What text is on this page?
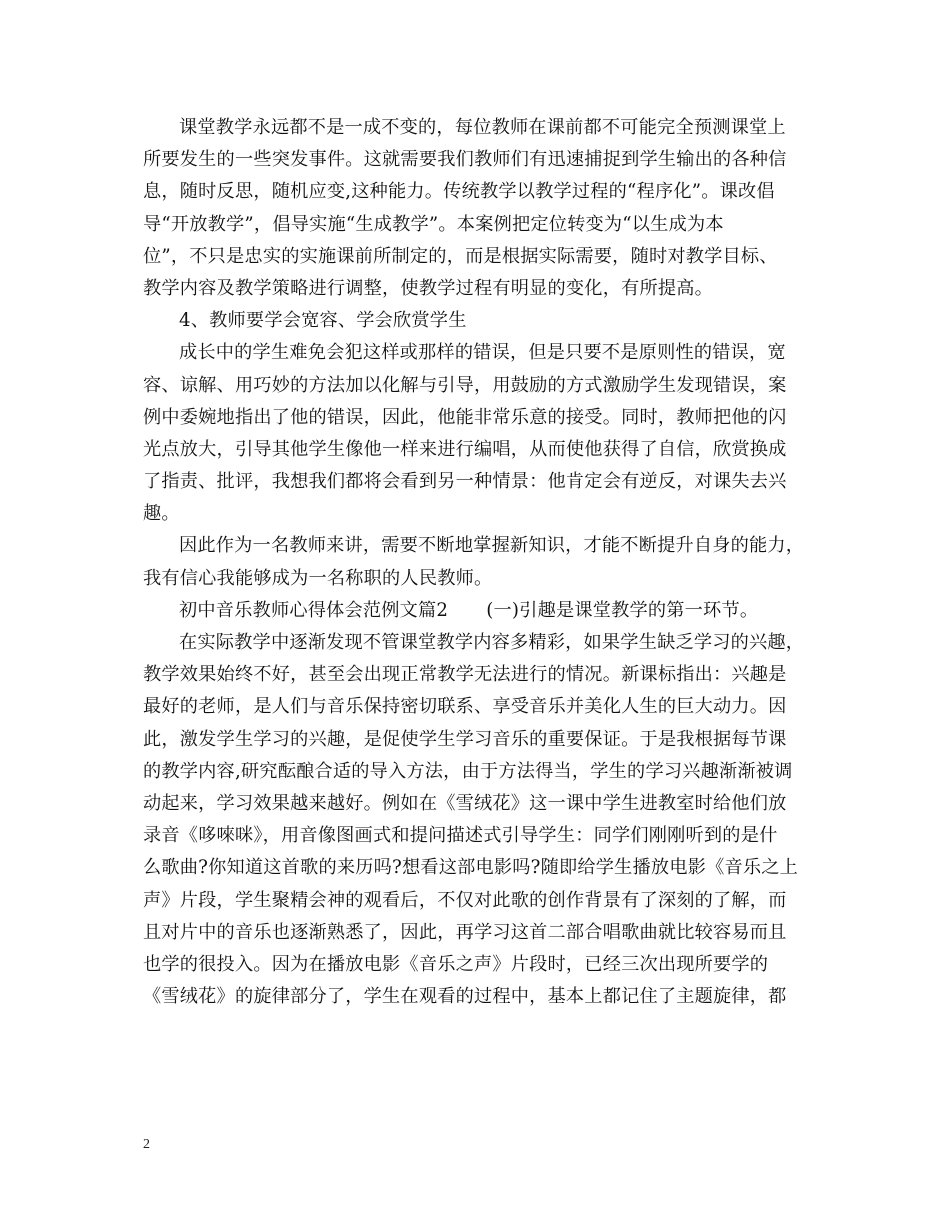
课堂教学永远都不是一成不变的，每位教师在课前都不可能完全预测课堂上
所要发生的一些突发事件。这就需要我们教师们有迅速捕捉到学生输出的各种信
息，随时反思，随机应变,这种能力。传统教学以教学过程的“程序化”。课改倡
导“开放教学”，倡导实施“生成教学”。本案例把定位转变为“以生成为本
位”，不只是忠实的实施课前所制定的，而是根据实际需要，随时对教学目标、
教学内容及教学策略进行调整，使教学过程有明显的变化，有所提高。
4、教师要学会宽容、学会欣赏学生
成长中的学生难免会犯这样或那样的错误，但是只要不是原则性的错误，宽
容、谅解、用巧妙的方法加以化解与引导，用鼓励的方式激励学生发现错误，案
例中委婉地指出了他的错误，因此，他能非常乐意的接受。同时，教师把他的闪
光点放大，引导其他学生像他一样来进行编唱，从而使他获得了自信，欣赏换成
了指责、批评，我想我们都将会看到另一种情景：他肯定会有逆反，对课失去兴
趣。
因此作为一名教师来讲，需要不断地掌握新知识，才能不断提升自身的能力，
我有信心我能够成为一名称职的人民教师。
初中音乐教师心得体会范例文篇2 (一)引趣是课堂教学的第一环节。
在实际教学中逐渐发现不管课堂教学内容多精彩，如果学生缺乏学习的兴趣，
教学效果始终不好，甚至会出现正常教学无法进行的情况。新课标指出：兴趣是
最好的老师，是人们与音乐保持密切联系、享受音乐并美化人生的巨大动力。因
此，激发学生学习的兴趣，是促使学生学习音乐的重要保证。于是我根据每节课
的教学内容,研究酝酿合适的导入方法，由于方法得当，学生的学习兴趣渐渐被调
动起来，学习效果越来越好。例如在《雪绒花》这一课中学生进教室时给他们放
录音《哆唻咪》，用音像图画式和提问描述式引导学生：同学们刚刚听到的是什
么歌曲?你知道这首歌的来历吗?想看这部电影吗?随即给学生播放电影《音乐之上
声》片段，学生聚精会神的观看后，不仅对此歌的创作背景有了深刻的了解，而
且对片中的音乐也逐渐熟悉了，因此，再学习这首二部合唱歌曲就比较容易而且
也学的很投入。因为在播放电影《音乐之声》片段时，已经三次出现所要学的
《雪绒花》的旋律部分了，学生在观看的过程中，基本上都记住了主题旋律，都
2
